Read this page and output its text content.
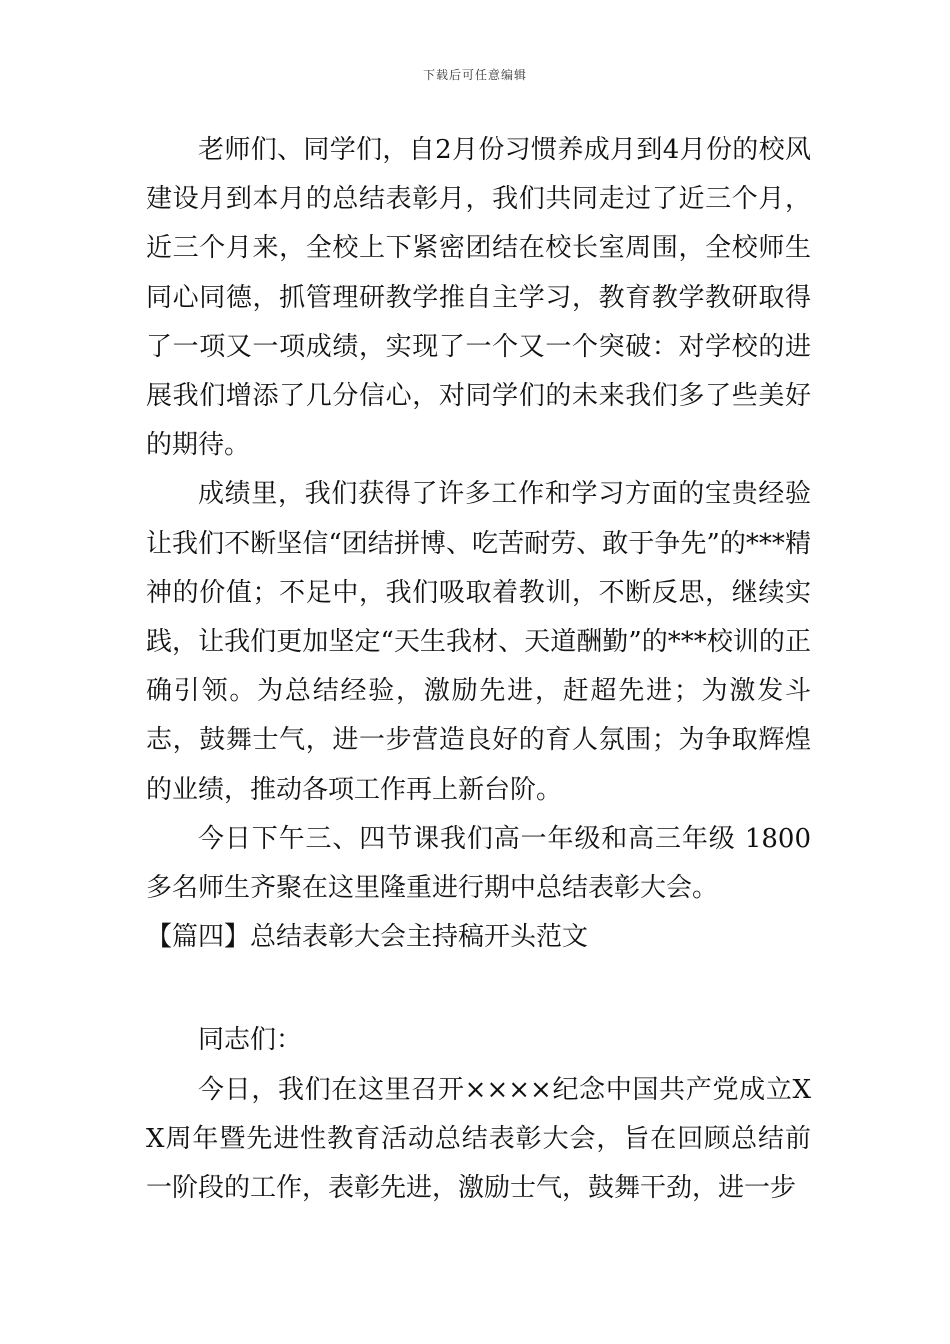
下载后可任意编辑

老师们、同学们，自2月份习惯养成月到4月份的校风建设月到本月的总结表彰月，我们共同走过了近三个月，近三个月来，全校上下紧密团结在校长室周围，全校师生同心同德，抓管理研教学推自主学习，教育教学教研取得了一项又一项成绩，实现了一个又一个突破：对学校的进展我们增添了几分信心，对同学们的未来我们多了些美好的期待。

成绩里，我们获得了许多工作和学习方面的宝贵经验让我们不断坚信“团结拼博、吃苦耐劳、敢于争先”的***精神的价值；不足中，我们吸取着教训，不断反思，继续实践，让我们更加坚定“天生我材、天道酬勤”的***校训的正确引领。为总结经验，激励先进，赶超先进；为激发斗志，鼓舞士气，进一步营造良好的育人氛围；为争取辉煌的业绩，推动各项工作再上新台阶。

今日下午三、四节课我们高一年级和高三年级 1800 多名师生齐聚在这里隆重进行期中总结表彰大会。

【篇四】总结表彰大会主持稿开头范文

同志们：

今日，我们在这里召开××××纪念中国共产党成立XX周年暨先进性教育活动总结表彰大会，旨在回顾总结前一阶段的工作，表彰先进，激励士气，鼓舞干劲，进一步
